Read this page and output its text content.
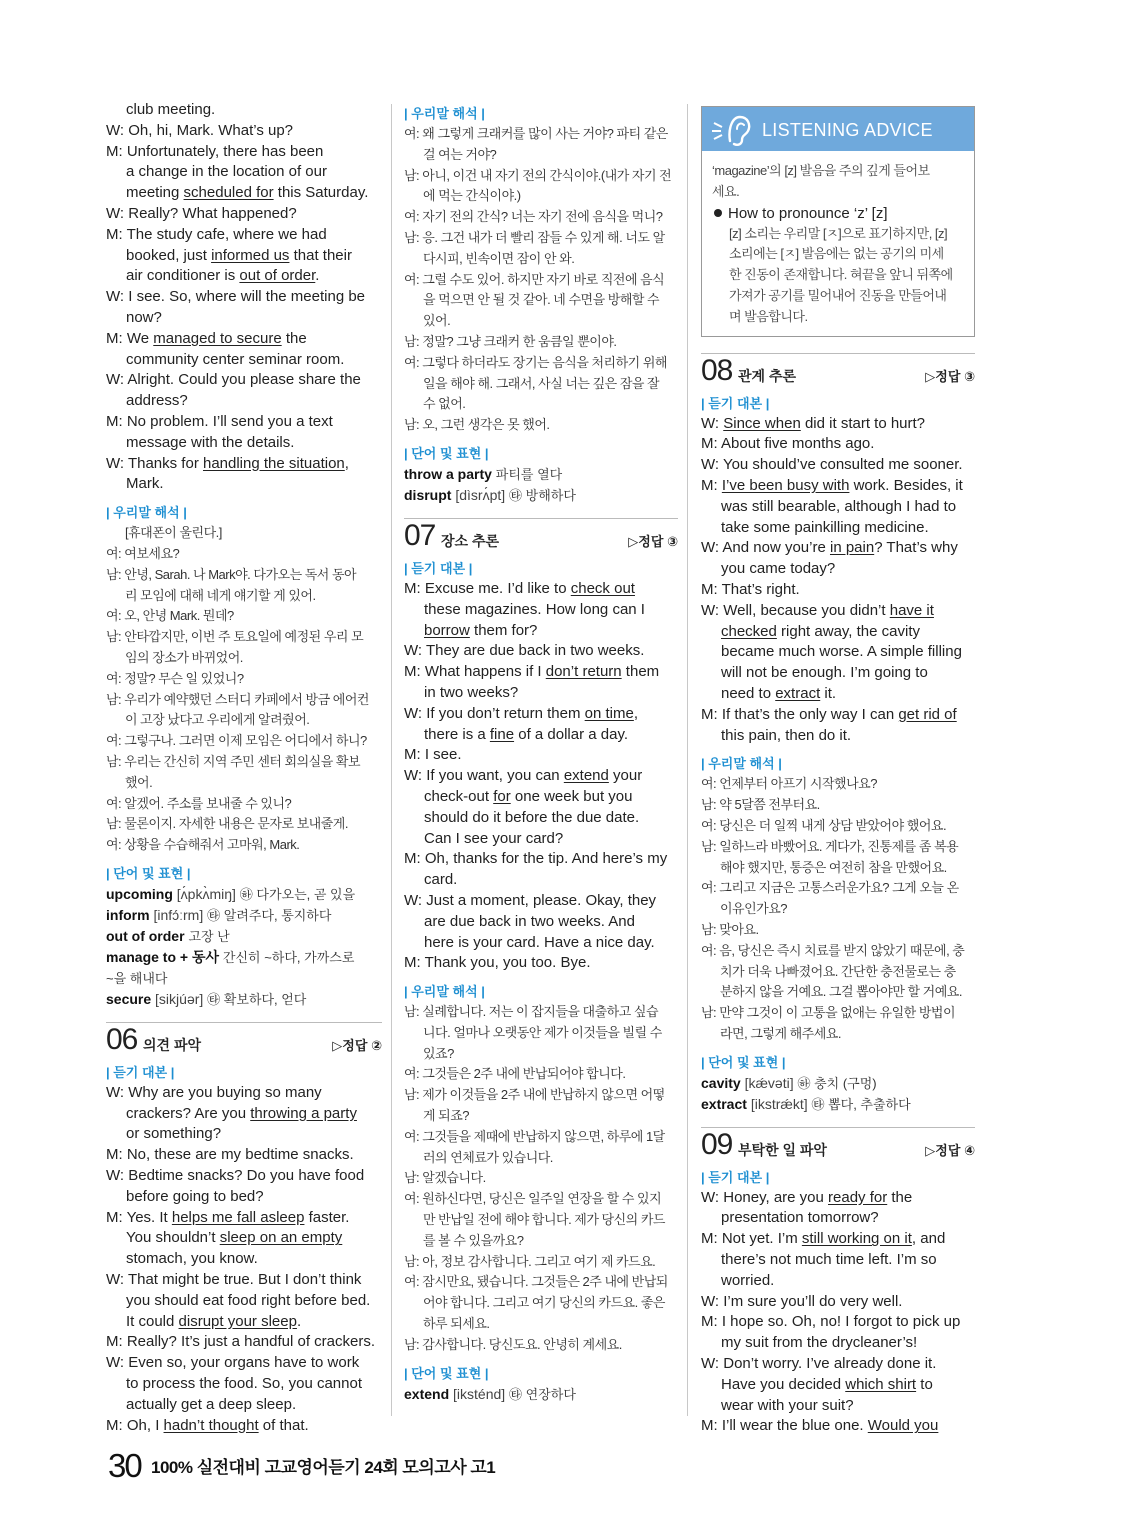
club meeting.
W: Oh, hi, Mark. What’s up?
M: Unfortunately, there has been
a change in the location of our
meeting scheduled for this Saturday.
W: Really? What happened?
M: The study cafe, where we had
booked, just informed us that their
air conditioner is out of order.
W: I see. So, where will the meeting be
now?
M: We managed to secure the
community center seminar room.
W: Alright. Could you please share the
address?
M: No problem. I’ll send you a text
message with the details.
W: Thanks for handling the situation,
Mark.
| 우리말 해석 |
[휴대폰이 울린다.]
여: 여보세요?
남: 안녕, Sarah. 나 Mark야. 다가오는 독서 동아
리 모임에 대해 네게 얘기할 게 있어.
여: 오, 안녕 Mark. 뭔데?
남: 안타깝지만, 이번 주 토요일에 예정된 우리 모
임의 장소가 바뀌었어.
여: 정말? 무슨 일 있었니?
남: 우리가 예약했던 스터디 카페에서 방금 에어컨
이 고장 났다고 우리에게 알려줬어.
여: 그렇구나. 그러면 이제 모임은 어디에서 하니?
남: 우리는 간신히 지역 주민 센터 회의실을 확보
했어.
여: 알겠어. 주소를 보내줄 수 있니?
남: 물론이지. 자세한 내용은 문자로 보내줄게.
여: 상황을 수습해줘서 고마워, Mark.
| 단어 및 표현 |
upcoming [ʌ́pkʌ̀miŋ] ㉻ 다가오는, 곧 있을
inform [infɔ́ːrm] ㉹ 알려주다, 통지하다
out of order 고장 난
manage to + 동사 간신히 ~하다, 가까스로
~을 해내다
secure [sikjúər] ㉹ 확보하다, 얻다
06 의견 파악	▷정답 ②
| 듣기 대본 |
W: Why are you buying so many
crackers? Are you throwing a party
or something?
M: No, these are my bedtime snacks.
W: Bedtime snacks? Do you have food
before going to bed?
M: Yes. It helps me fall asleep faster.
You shouldn’t sleep on an empty
stomach, you know.
W: That might be true. But I don’t think
you should eat food right before bed.
It could disrupt your sleep.
M: Really? It’s just a handful of crackers.
W: Even so, your organs have to work
to process the food. So, you cannot
actually get a deep sleep.
M: Oh, I hadn’t thought of that.
| 우리말 해석 |
여: 왜 그렇게 크래커를 많이 사는 거야? 파티 같은
걸 여는 거야?
남: 아니, 이건 내 자기 전의 간식이야.(내가 자기 전
에 먹는 간식이야.)
여: 자기 전의 간식? 너는 자기 전에 음식을 먹니?
남: 응. 그건 내가 더 빨리 잠들 수 있게 해. 너도 알
다시피, 빈속이면 잠이 안 와.
여: 그럴 수도 있어. 하지만 자기 바로 직전에 음식
을 먹으면 안 될 것 같아. 네 수면을 방해할 수
있어.
남: 정말? 그냥 크래커 한 움큼일 뿐이야.
여: 그렇다 하더라도 장기는 음식을 처리하기 위해
일을 해야 해. 그래서, 사실 너는 깊은 잠을 잘
수 없어.
남: 오, 그런 생각은 못 했어.
| 단어 및 표현 |
throw a party 파티를 열다
disrupt [dìsrʌ́pt] ㉹ 방해하다
07 장소 추론	▷정답 ③
| 듣기 대본 |
M: Excuse me. I’d like to check out
these magazines. How long can I
borrow them for?
W: They are due back in two weeks.
M: What happens if I don’t return them
in two weeks?
W: If you don’t return them on time,
there is a fine of a dollar a day.
M: I see.
W: If you want, you can extend your
check-out for one week but you
should do it before the due date.
Can I see your card?
M: Oh, thanks for the tip. And here’s my
card.
W: Just a moment, please. Okay, they
are due back in two weeks. And
here is your card. Have a nice day.
M: Thank you, you too. Bye.
| 우리말 해석 |
남: 실례합니다. 저는 이 잡지들을 대출하고 싶습
니다. 얼마나 오랫동안 제가 이것들을 빌릴 수
있죠?
여: 그것들은 2주 내에 반납되어야 합니다.
남: 제가 이것들을 2주 내에 반납하지 않으면 어떻
게 되죠?
여: 그것들을 제때에 반납하지 않으면, 하루에 1달
러의 연체료가 있습니다.
남: 알겠습니다.
여: 원하신다면, 당신은 일주일 연장을 할 수 있지
만 반납일 전에 해야 합니다. 제가 당신의 카드
를 볼 수 있을까요?
남: 아, 정보 감사합니다. 그리고 여기 제 카드요.
여: 잠시만요, 됐습니다. 그것들은 2주 내에 반납되
어야 합니다. 그리고 여기 당신의 카드요. 좋은
하루 되세요.
남: 감사합니다. 당신도요. 안녕히 계세요.
| 단어 및 표현 |
extend [iksténd] ㉹ 연장하다
LISTENING ADVICE
‘magazine’의 [z] 발음을 주의 깊게 들어보
세요.
How to pronounce ‘z’ [z]
[z] 소리는 우리말 [ㅈ]으로 표기하지만, [z]
소리에는 [ㅈ] 발음에는 없는 공기의 미세
한 진동이 존재합니다. 혀끝을 앞니 뒤쪽에
가져가 공기를 밀어내어 진동을 만들어내
며 발음합니다.
08 관계 추론	▷정답 ③
| 듣기 대본 |
W: Since when did it start to hurt?
M: About five months ago.
W: You should’ve consulted me sooner.
M: I’ve been busy with work. Besides, it
was still bearable, although I had to
take some painkilling medicine.
W: And now you’re in pain? That’s why
you came today?
M: That’s right.
W: Well, because you didn’t have it
checked right away, the cavity
became much worse. A simple filling
will not be enough. I’m going to
need to extract it.
M: If that’s the only way I can get rid of
this pain, then do it.
| 우리말 해석 |
여: 언제부터 아프기 시작했나요?
남: 약 5달쯤 전부터요.
여: 당신은 더 일찍 내게 상담 받았어야 했어요.
남: 일하느라 바빴어요. 게다가, 진통제를 좀 복용
해야 했지만, 통증은 여전히 참을 만했어요.
여: 그리고 지금은 고통스러운가요? 그게 오늘 온
이유인가요?
남: 맞아요.
여: 음, 당신은 즉시 치료를 받지 않았기 때문에, 충
치가 더욱 나빠졌어요. 간단한 충전물로는 충
분하지 않을 거예요. 그걸 뽑아야만 할 거예요.
남: 만약 그것이 이 고통을 없애는 유일한 방법이
라면, 그렇게 해주세요.
| 단어 및 표현 |
cavity [kǽvəti] ㉻ 충치 (구멍)
extract [ikstrǽkt] ㉹ 뽑다, 추출하다
09 부탁한 일 파악	▷정답 ④
| 듣기 대본 |
W: Honey, are you ready for the
presentation tomorrow?
M: Not yet. I’m still working on it, and
there’s not much time left. I’m so
worried.
W: I’m sure you’ll do very well.
M: I hope so. Oh, no! I forgot to pick up
my suit from the drycleaner’s!
W: Don’t worry. I’ve already done it.
Have you decided which shirt to
wear with your suit?
M: I’ll wear the blue one. Would you
30 100% 실전대비 고교영어듣기 24회 모의고사 고1
